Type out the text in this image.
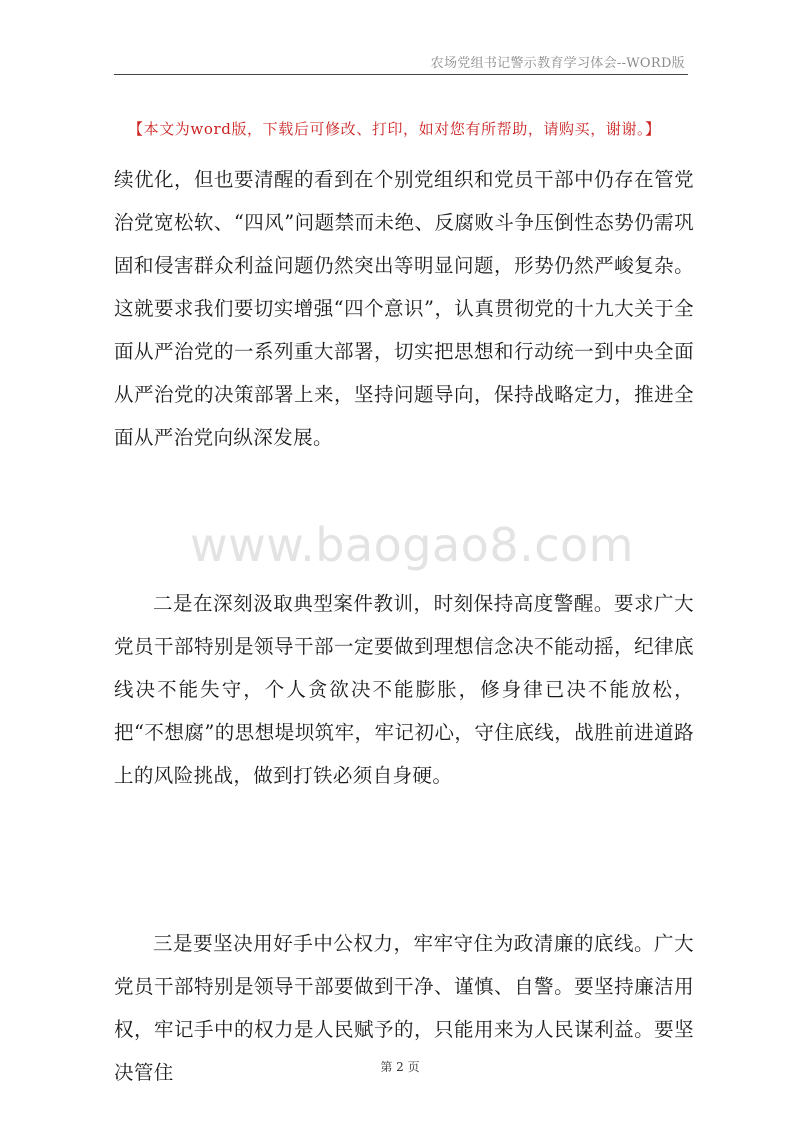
农场党组书记警示教育学习体会--WORD版
【本文为word版，下载后可修改、打印，如对您有所帮助，请购买，谢谢。】

续优化，但也要清醒的看到在个别党组织和党员干部中仍存在管党治党宽松软、“四风”问题禁而未绝、反腐败斗争压倒性态势仍需巩固和侵害群众利益问题仍然突出等明显问题，形势仍然严峻复杂。这就要求我们要切实增强“四个意识”，认真贯彻党的十九大关于全面从严治党的一系列重大部署，切实把思想和行动统一到中央全面从严治党的决策部署上来，坚持问题导向，保持战略定力，推进全面从严治党向纵深发展。

www.baogao8.com

二是在深刻汲取典型案件教训，时刻保持高度警醒。要求广大党员干部特别是领导干部一定要做到理想信念决不能动摇，纪律底线决不能失守，个人贪欲决不能膨胀，修身律已决不能放松，把“不想腐”的思想堤坝筑牢，牢记初心，守住底线，战胜前进道路上的风险挑战，做到打铁必须自身硬。

三是要坚决用好手中公权力，牢牢守住为政清廉的底线。广大党员干部特别是领导干部要做到干净、谨慎、自警。要坚持廉洁用权，牢记手中的权力是人民赋予的，只能用来为人民谋利益。要坚决管住	第 2 页
